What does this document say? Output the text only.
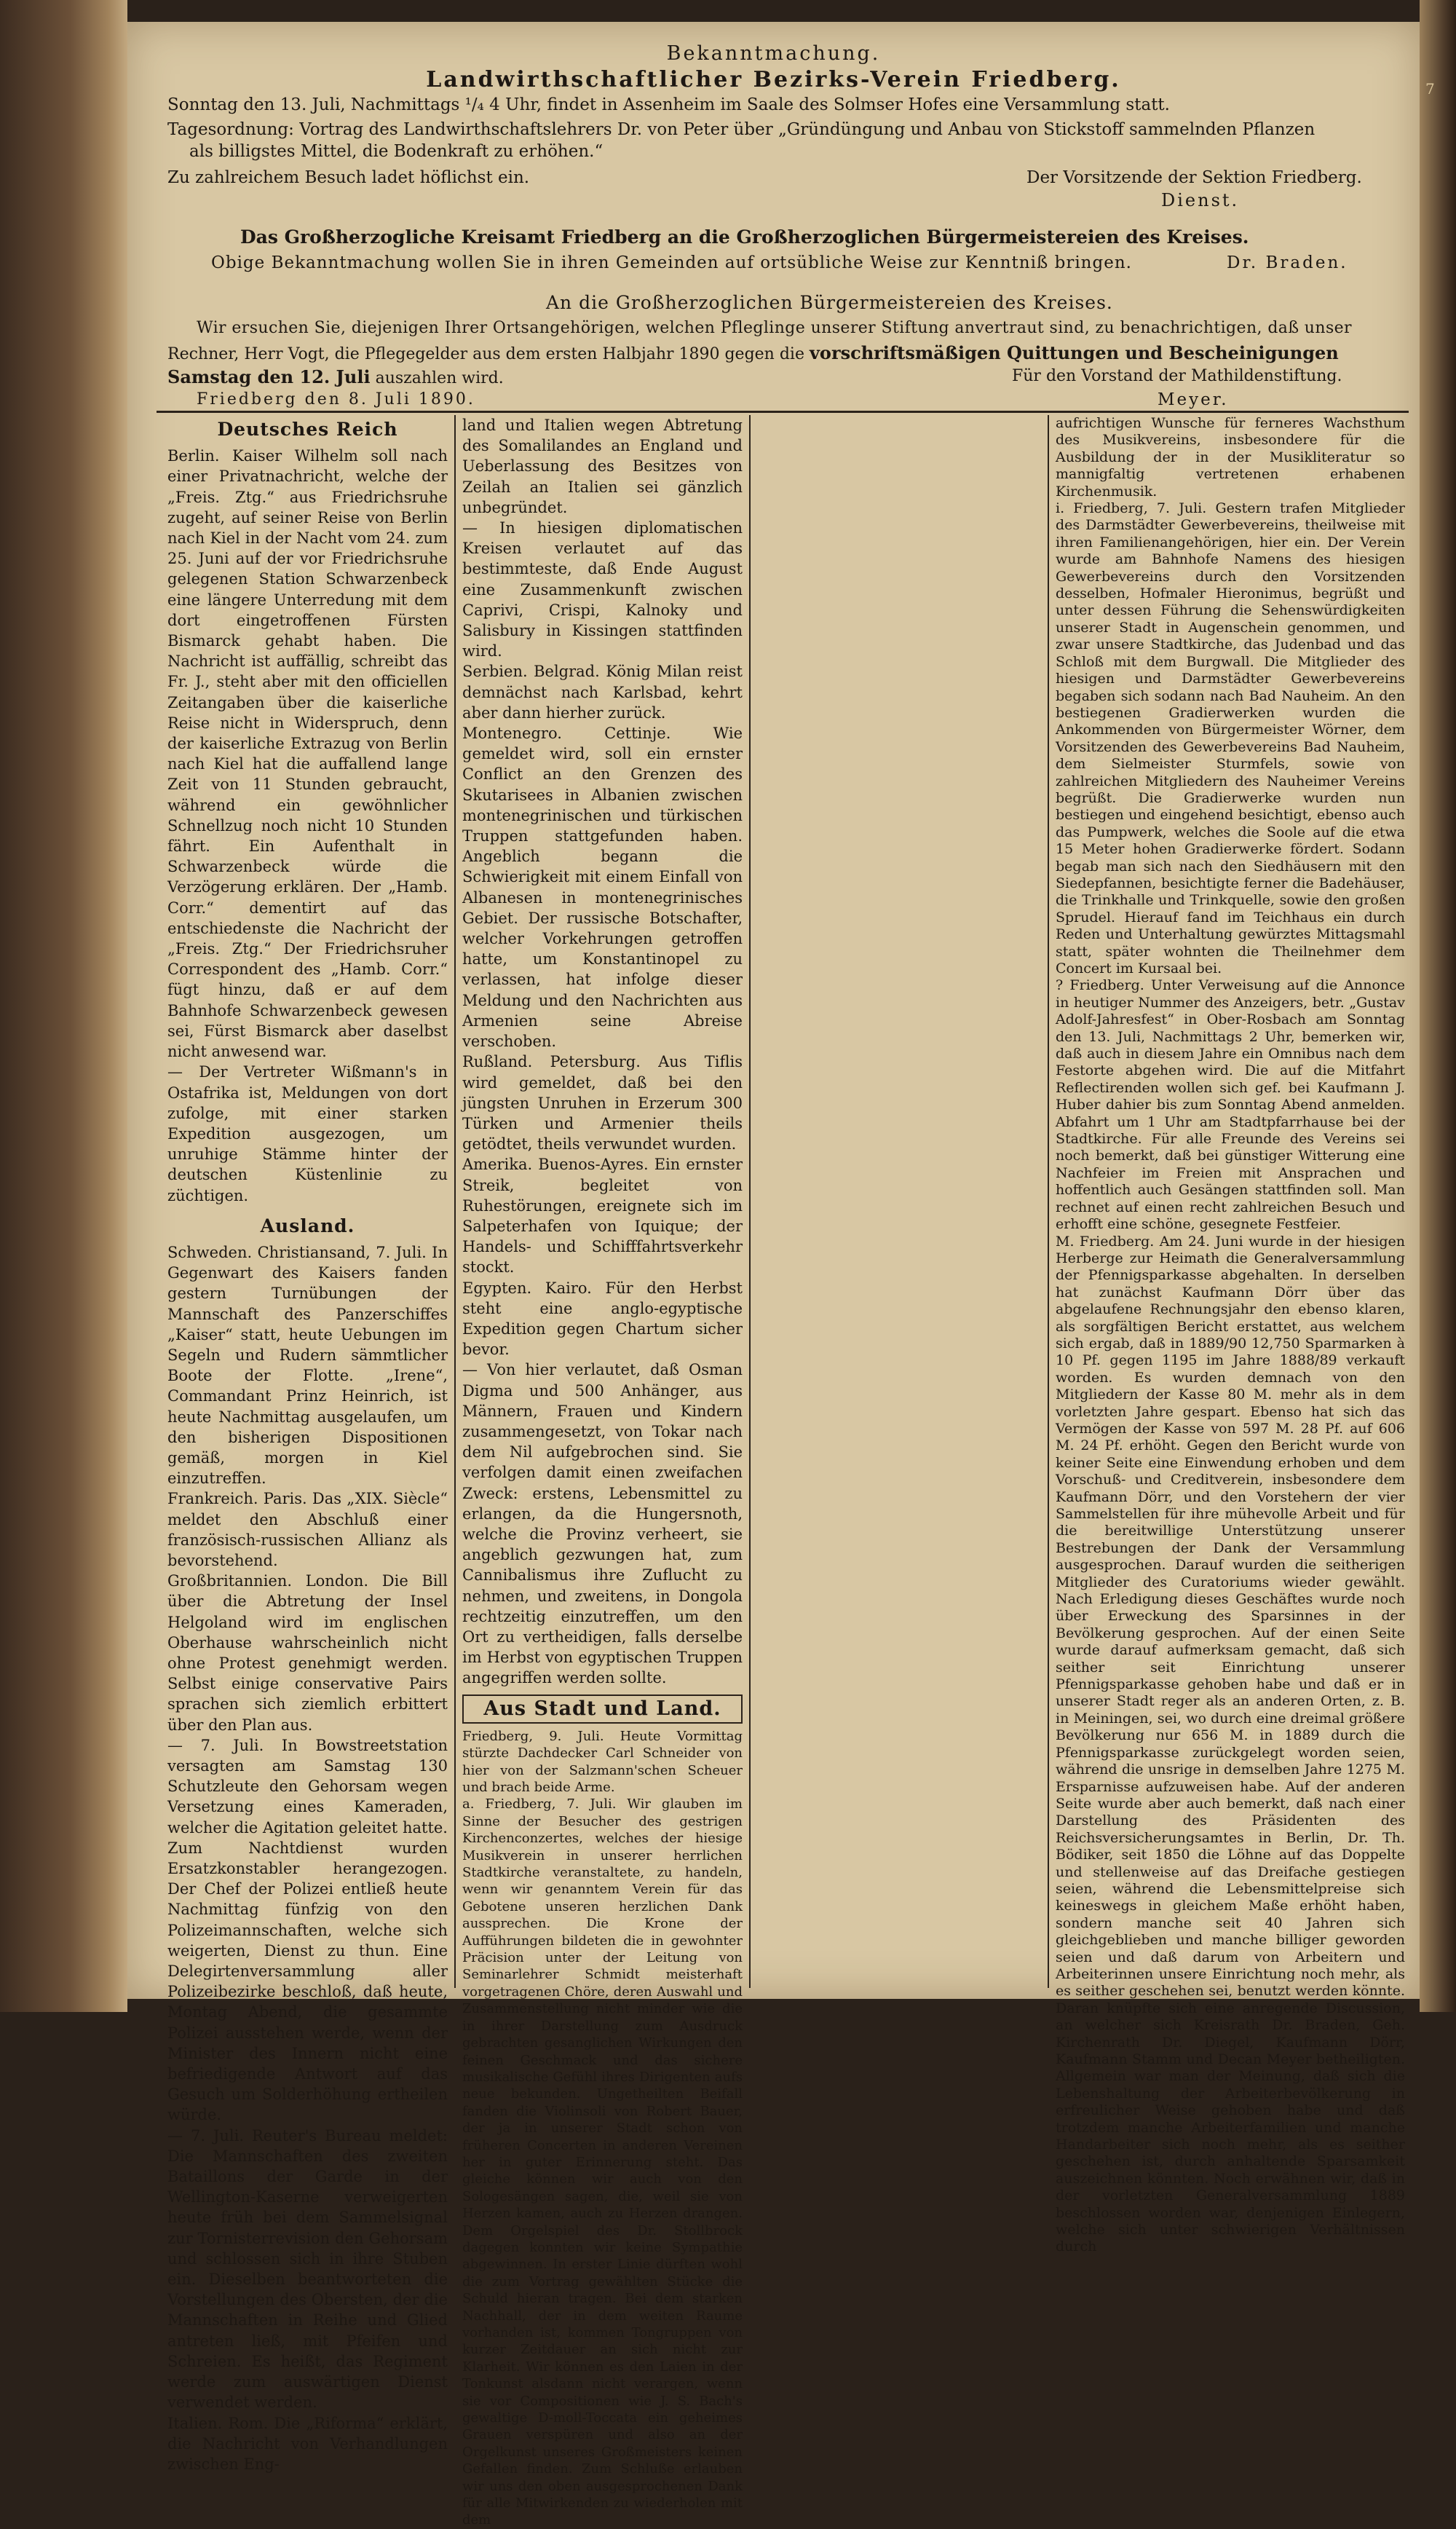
Bekanntmachung.
Landwirthschaftlicher Bezirks-Verein Friedberg.
Sonntag den 13. Juli, Nachmittags ¹/₄ 4 Uhr, findet in Assenheim im Saale des Solmser Hofes eine Versammlung statt.
Tagesordnung: Vortrag des Landwirthschaftslehrers Dr. von Peter über „Gründüngung und Anbau von Stickstoff sammelnden Pflanzen
als billigstes Mittel, die Bodenkraft zu erhöhen.“
Zu zahlreichem Besuch ladet höflichst ein.	Der Vorsitzende der Sektion Friedberg.
Dienst.
Das Großherzogliche Kreisamt Friedberg an die Großherzoglichen Bürgermeistereien des Kreises.
Obige Bekanntmachung wollen Sie in ihren Gemeinden auf ortsübliche Weise zur Kenntniß bringen.	Dr. Braden.
An die Großherzoglichen Bürgermeistereien des Kreises.
Wir ersuchen Sie, diejenigen Ihrer Ortsangehörigen, welchen Pfleglinge unserer Stiftung anvertraut sind, zu benachrichtigen, daß unser
Rechner, Herr Vogt, die Pflegegelder aus dem ersten Halbjahr 1890 gegen die vorschriftsmäßigen Quittungen und Bescheinigungen
Samstag den 12. Juli auszahlen wird.	Für den Vorstand der Mathildenstiftung.
Friedberg den 8. Juli 1890.	Meyer.
Deutsches Reich

Berlin. Kaiser Wilhelm soll nach einer Privatnachricht, welche der „Freis. Ztg.“ aus Friedrichsruhe zugeht, auf seiner Reise von Berlin nach Kiel in der Nacht vom 24. zum 25. Juni auf der vor Friedrichsruhe gelegenen Station Schwarzenbeck eine längere Unterredung mit dem dort eingetroffenen Fürsten Bismarck gehabt haben. Die Nachricht ist auffällig, schreibt das Fr. J., steht aber mit den officiellen Zeitangaben über die kaiserliche Reise nicht in Widerspruch, denn der kaiserliche Extrazug von Berlin nach Kiel hat die auffallend lange Zeit von 11 Stunden gebraucht, während ein gewöhnlicher Schnellzug noch nicht 10 Stunden fährt. Ein Aufenthalt in Schwarzenbeck würde die Verzögerung erklären. Der „Hamb. Corr.“ dementirt auf das entschiedenste die Nachricht der „Freis. Ztg.“ Der Friedrichsruher Correspondent des „Hamb. Corr.“ fügt hinzu, daß er auf dem Bahnhofe Schwarzenbeck gewesen sei, Fürst Bismarck aber daselbst nicht anwesend war.

— Der Vertreter Wißmann's in Ostafrika ist, Meldungen von dort zufolge, mit einer starken Expedition ausgezogen, um unruhige Stämme hinter der deutschen Küstenlinie zu züchtigen.

Ausland.

Schweden. Christiansand, 7. Juli. In Gegenwart des Kaisers fanden gestern Turnübungen der Mannschaft des Panzerschiffes „Kaiser“ statt, heute Uebungen im Segeln und Rudern sämmtlicher Boote der Flotte. „Irene“, Commandant Prinz Heinrich, ist heute Nachmittag ausgelaufen, um den bisherigen Dispositionen gemäß, morgen in Kiel einzutreffen.

Frankreich. Paris. Das „XIX. Siècle“ meldet den Abschluß einer französisch-russischen Allianz als bevorstehend.

Großbritannien. London. Die Bill über die Abtretung der Insel Helgoland wird im englischen Oberhause wahrscheinlich nicht ohne Protest genehmigt werden. Selbst einige conservative Pairs sprachen sich ziemlich erbittert über den Plan aus.

— 7. Juli. In Bowstreetstation versagten am Samstag 130 Schutzleute den Gehorsam wegen Versetzung eines Kameraden, welcher die Agitation geleitet hatte. Zum Nachtdienst wurden Ersatzkonstabler herangezogen. Der Chef der Polizei entließ heute Nachmittag fünfzig von den Polizeimannschaften, welche sich weigerten, Dienst zu thun. Eine Delegirtenversammlung aller Polizeibezirke beschloß, daß heute, Montag Abend, die gesammte Polizei ausstehen werde, wenn der Minister des Innern nicht eine befriedigende Antwort auf das Gesuch um Solderhöhung ertheilen würde.

— 7. Juli. Reuter's Bureau meldet: Die Mannschaften des zweiten Bataillons der Garde in der Wellington-Kaserne verweigerten heute früh bei dem Sammelsignal zur Tornisterrevision den Gehorsam und schlossen sich in ihre Stuben ein. Dieselben beantworteten die Vorstellungen des Obersten, der die Mannschaften in Reihe und Glied antreten ließ, mit Pfeifen und Schreien. Es heißt, das Regiment werde zum auswärtigen Dienst verwendet werden.

Italien. Rom. Die „Riforma“ erklärt, die Nachricht von Verhandlungen zwischen Eng-

land und Italien wegen Abtretung des Somalilandes an England und Ueberlassung des Besitzes von Zeilah an Italien sei gänzlich unbegründet.

— In hiesigen diplomatischen Kreisen verlautet auf das bestimmteste, daß Ende August eine Zusammenkunft zwischen Caprivi, Crispi, Kalnoky und Salisbury in Kissingen stattfinden wird.

Serbien. Belgrad. König Milan reist demnächst nach Karlsbad, kehrt aber dann hierher zurück.

Montenegro. Cettinje. Wie gemeldet wird, soll ein ernster Conflict an den Grenzen des Skutarisees in Albanien zwischen montenegrinischen und türkischen Truppen stattgefunden haben. Angeblich begann die Schwierigkeit mit einem Einfall von Albanesen in montenegrinisches Gebiet. Der russische Botschafter, welcher Vorkehrungen getroffen hatte, um Konstantinopel zu verlassen, hat infolge dieser Meldung und den Nachrichten aus Armenien seine Abreise verschoben.

Rußland. Petersburg. Aus Tiflis wird gemeldet, daß bei den jüngsten Unruhen in Erzerum 300 Türken und Armenier theils getödtet, theils verwundet wurden.

Amerika. Buenos-Ayres. Ein ernster Streik, begleitet von Ruhestörungen, ereignete sich im Salpeterhafen von Iquique; der Handels- und Schifffahrtsverkehr stockt.

Egypten. Kairo. Für den Herbst steht eine anglo-egyptische Expedition gegen Chartum sicher bevor.

— Von hier verlautet, daß Osman Digma und 500 Anhänger, aus Männern, Frauen und Kindern zusammengesetzt, von Tokar nach dem Nil aufgebrochen sind. Sie verfolgen damit einen zweifachen Zweck: erstens, Lebensmittel zu erlangen, da die Hungersnoth, welche die Provinz verheert, sie angeblich gezwungen hat, zum Cannibalismus ihre Zuflucht zu nehmen, und zweitens, in Dongola rechtzeitig einzutreffen, um den Ort zu vertheidigen, falls derselbe im Herbst von egyptischen Truppen angegriffen werden sollte.

Aus Stadt und Land.

Friedberg, 9. Juli. Heute Vormittag stürzte Dachdecker Carl Schneider von hier von der Salzmann'schen Scheuer und brach beide Arme.

a. Friedberg, 7. Juli. Wir glauben im Sinne der Besucher des gestrigen Kirchenconzertes, welches der hiesige Musikverein in unserer herrlichen Stadtkirche veranstaltete, zu handeln, wenn wir genanntem Verein für das Gebotene unseren herzlichen Dank aussprechen. Die Krone der Aufführungen bildeten die in gewohnter Präcision unter der Leitung von Seminarlehrer Schmidt meisterhaft vorgetragenen Chöre, deren Auswahl und Zusammenstellung nicht minder wie die in ihrer Darstellung zum Ausdruck gebrachten gesanglichen Wirkungen den feinen Geschmack und das sichere musikalische Gefühl ihres Dirigenten aufs neue bekunden. Ungetheilten Beifall fanden die Violinsoli von Robert Bauer, der ja in unserer Stadt schon von früheren Concerten in anderen Vereinen her in guter Erinnerung steht. Das gleiche können wir auch von den Sologesängen sagen, die, weil sie von Herzen kamen, auch zu Herzen drangen. Dem Orgelspiel des Dr. Stollbrock dagegen konnten wir keine Sympathie abgewinnen. In erster Linie dürften wohl die zum Vortrag gewählten Stücke die Schuld hieran tragen. Bei dem starken Nachhall, der in dem weiten Raume vorhanden ist, kommen Tongruppen von kurzer Zeitdauer an sich nicht zur Klarheit. Wir können es den Laien in der Tonkunst alsdann nicht verargen, wenn sie vor Compositionen wie J. S. Bach's gewaltige D-moll-Toccata ein geheimes Grauen verspüren und also an der Orgelkunst unseres Großmeisters keinen Gefallen finden. Zum Schluße erlauben wir uns den oben ausgesprochenen Dank für alle Mitwirkenden zu wiederholen mit dem

aufrichtigen Wunsche für ferneres Wachsthum des Musikvereins, insbesondere für die Ausbildung der in der Musikliteratur so mannigfaltig vertretenen erhabenen Kirchenmusik.

i. Friedberg, 7. Juli. Gestern trafen Mitglieder des Darmstädter Gewerbevereins, theilweise mit ihren Familienangehörigen, hier ein. Der Verein wurde am Bahnhofe Namens des hiesigen Gewerbevereins durch den Vorsitzenden desselben, Hofmaler Hieronimus, begrüßt und unter dessen Führung die Sehenswürdigkeiten unserer Stadt in Augenschein genommen, und zwar unsere Stadtkirche, das Judenbad und das Schloß mit dem Burgwall. Die Mitglieder des hiesigen und Darmstädter Gewerbevereins begaben sich sodann nach Bad Nauheim. An den bestiegenen Gradierwerken wurden die Ankommenden von Bürgermeister Wörner, dem Vorsitzenden des Gewerbevereins Bad Nauheim, dem Sielmeister Sturmfels, sowie von zahlreichen Mitgliedern des Nauheimer Vereins begrüßt. Die Gradierwerke wurden nun bestiegen und eingehend besichtigt, ebenso auch das Pumpwerk, welches die Soole auf die etwa 15 Meter hohen Gradierwerke fördert. Sodann begab man sich nach den Siedhäusern mit den Siedepfannen, besichtigte ferner die Badehäuser, die Trinkhalle und Trinkquelle, sowie den großen Sprudel. Hierauf fand im Teichhaus ein durch Reden und Unterhaltung gewürztes Mittagsmahl statt, später wohnten die Theilnehmer dem Concert im Kursaal bei.

? Friedberg. Unter Verweisung auf die Annonce in heutiger Nummer des Anzeigers, betr. „Gustav Adolf-Jahresfest“ in Ober-Rosbach am Sonntag den 13. Juli, Nachmittags 2 Uhr, bemerken wir, daß auch in diesem Jahre ein Omnibus nach dem Festorte abgehen wird. Die auf die Mitfahrt Reflectirenden wollen sich gef. bei Kaufmann J. Huber dahier bis zum Sonntag Abend anmelden. Abfahrt um 1 Uhr am Stadtpfarrhause bei der Stadtkirche. Für alle Freunde des Vereins sei noch bemerkt, daß bei günstiger Witterung eine Nachfeier im Freien mit Ansprachen und hoffentlich auch Gesängen stattfinden soll. Man rechnet auf einen recht zahlreichen Besuch und erhofft eine schöne, gesegnete Festfeier.

M. Friedberg. Am 24. Juni wurde in der hiesigen Herberge zur Heimath die Generalversammlung der Pfennigsparkasse abgehalten. In derselben hat zunächst Kaufmann Dörr über das abgelaufene Rechnungsjahr den ebenso klaren, als sorgfältigen Bericht erstattet, aus welchem sich ergab, daß in 1889/90 12,750 Sparmarken à 10 Pf. gegen 1195 im Jahre 1888/89 verkauft worden. Es wurden demnach von den Mitgliedern der Kasse 80 M. mehr als in dem vorletzten Jahre gespart. Ebenso hat sich das Vermögen der Kasse von 597 M. 28 Pf. auf 606 M. 24 Pf. erhöht. Gegen den Bericht wurde von keiner Seite eine Einwendung erhoben und dem Vorschuß- und Creditverein, insbesondere dem Kaufmann Dörr, und den Vorstehern der vier Sammelstellen für ihre mühevolle Arbeit und für die bereitwillige Unterstützung unserer Bestrebungen der Dank der Versammlung ausgesprochen. Darauf wurden die seitherigen Mitglieder des Curatoriums wieder gewählt. Nach Erledigung dieses Geschäftes wurde noch über Erweckung des Sparsinnes in der Bevölkerung gesprochen. Auf der einen Seite wurde darauf aufmerksam gemacht, daß sich seither seit Einrichtung unserer Pfennigsparkasse gehoben habe und daß er in unserer Stadt reger als an anderen Orten, z. B. in Meiningen, sei, wo durch eine dreimal größere Bevölkerung nur 656 M. in 1889 durch die Pfennigsparkasse zurückgelegt worden seien, während die unsrige in demselben Jahre 1275 M. Ersparnisse aufzuweisen habe. Auf der anderen Seite wurde aber auch bemerkt, daß nach einer Darstellung des Präsidenten des Reichsversicherungsamtes in Berlin, Dr. Th. Bödiker, seit 1850 die Löhne auf das Doppelte und stellenweise auf das Dreifache gestiegen seien, während die Lebensmittelpreise sich keineswegs in gleichem Maße erhöht haben, sondern manche seit 40 Jahren sich gleichgeblieben und manche billiger geworden seien und daß darum von Arbeitern und Arbeiterinnen unsere Einrichtung noch mehr, als es seither geschehen sei, benutzt werden könnte. Daran knüpfte sich eine anregende Discussion, an welcher sich Kreisrath Dr. Braden, Geh. Kirchenrath Dr. Diegel, Kaufmann Dörr, Kaufmann Stamm und Decan Meyer betheiligten. Allgemein war man der Meinung, daß sich die Lebenshaltung der Arbeiterbevölkerung in erfreulicher Weise gehoben habe und daß trotzdem manche Arbeiterfamilien und manche Handarbeiter sich noch mehr, als es seither geschehen ist, durch anhaltende Sparsamkeit auszeichnen könnten. Noch erwähnen wir, daß in der vorletzten Generalversammlung 1889 beschlossen worden war, denjenigen Einlegern, welche sich unter schwierigen Verhältnissen durch

7
